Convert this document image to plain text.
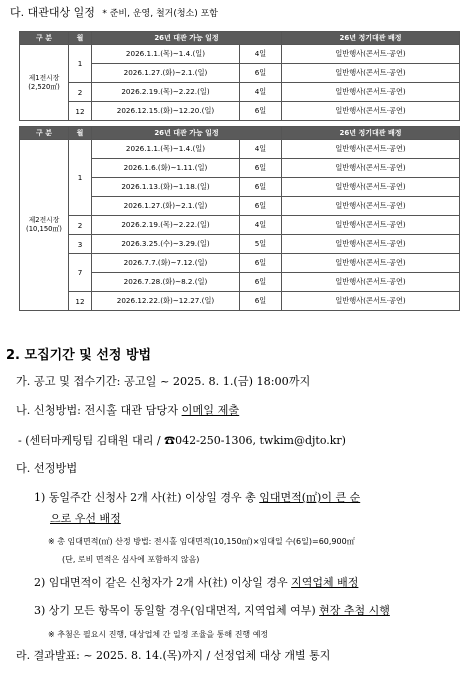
다. 대관대상 일정 * 준비, 운영, 철거(청소) 포함
구 분	월	26년 대관 가능 일정		26년 정기대관 배정

제1전시장
(2,520㎡)	1	2026.1.1.(목)~1.4.(일)	4일	일반행사(콘서트·공연)
		2026.1.27.(화)~2.1.(일)	6일	일반행사(콘서트·공연)
	2	2026.2.19.(목)~2.22.(일)	4일	일반행사(콘서트·공연)
	12	2026.12.15.(화)~12.20.(일)	6일	일반행사(콘서트·공연)
구 분	월	26년 대관 가능 일정		26년 정기대관 배정

제2전시장
(10,150㎡)	1	2026.1.1.(목)~1.4.(일)	4일	일반행사(콘서트·공연)
		2026.1.6.(화)~1.11.(일)	6일	일반행사(콘서트·공연)
		2026.1.13.(화)~1.18.(일)	6일	일반행사(콘서트·공연)
		2026.1.27.(화)~2.1.(일)	6일	일반행사(콘서트·공연)
	2	2026.2.19.(목)~2.22.(일)	4일	일반행사(콘서트·공연)
	3	2026.3.25.(수)~3.29.(일)	5일	일반행사(콘서트·공연)
	7	2026.7.7.(화)~7.12.(일)	6일	일반행사(콘서트·공연)
		2026.7.28.(화)~8.2.(일)	6일	일반행사(콘서트·공연)
	12	2026.12.22.(화)~12.27.(일)	6일	일반행사(콘서트·공연)
2. 모집기간 및 선정 방법
가. 공고 및 접수기간: 공고일 ~ 2025. 8. 1.(금) 18:00까지
나. 신청방법: 전시홀 대관 담당자 이메일 제출
- (센터마케팅팀 김태원 대리 / ☎042-250-1306, twkim@djto.kr)
다. 선정방법
1) 동일주간 신청사 2개 사(社) 이상일 경우 총 임대면적(㎡)이 큰 순
으로 우선 배정
※ 총 임대면적(㎡) 산정 방법: 전시홀 임대면적(10,150㎡)×임대일 수(6일)=60,900㎡
(단, 로비 면적은 심사에 포함하지 않음)
2) 임대면적이 같은 신청자가 2개 사(社) 이상일 경우 지역업체 배정
3) 상기 모든 항목이 동일할 경우(임대면적, 지역업체 여부) 현장 추첨 시행
※ 추첨은 필요시 진행, 대상업체 간 일정 조율을 통해 진행 예정
라. 결과발표: ~ 2025. 8. 14.(목)까지 / 선정업체 대상 개별 통지
